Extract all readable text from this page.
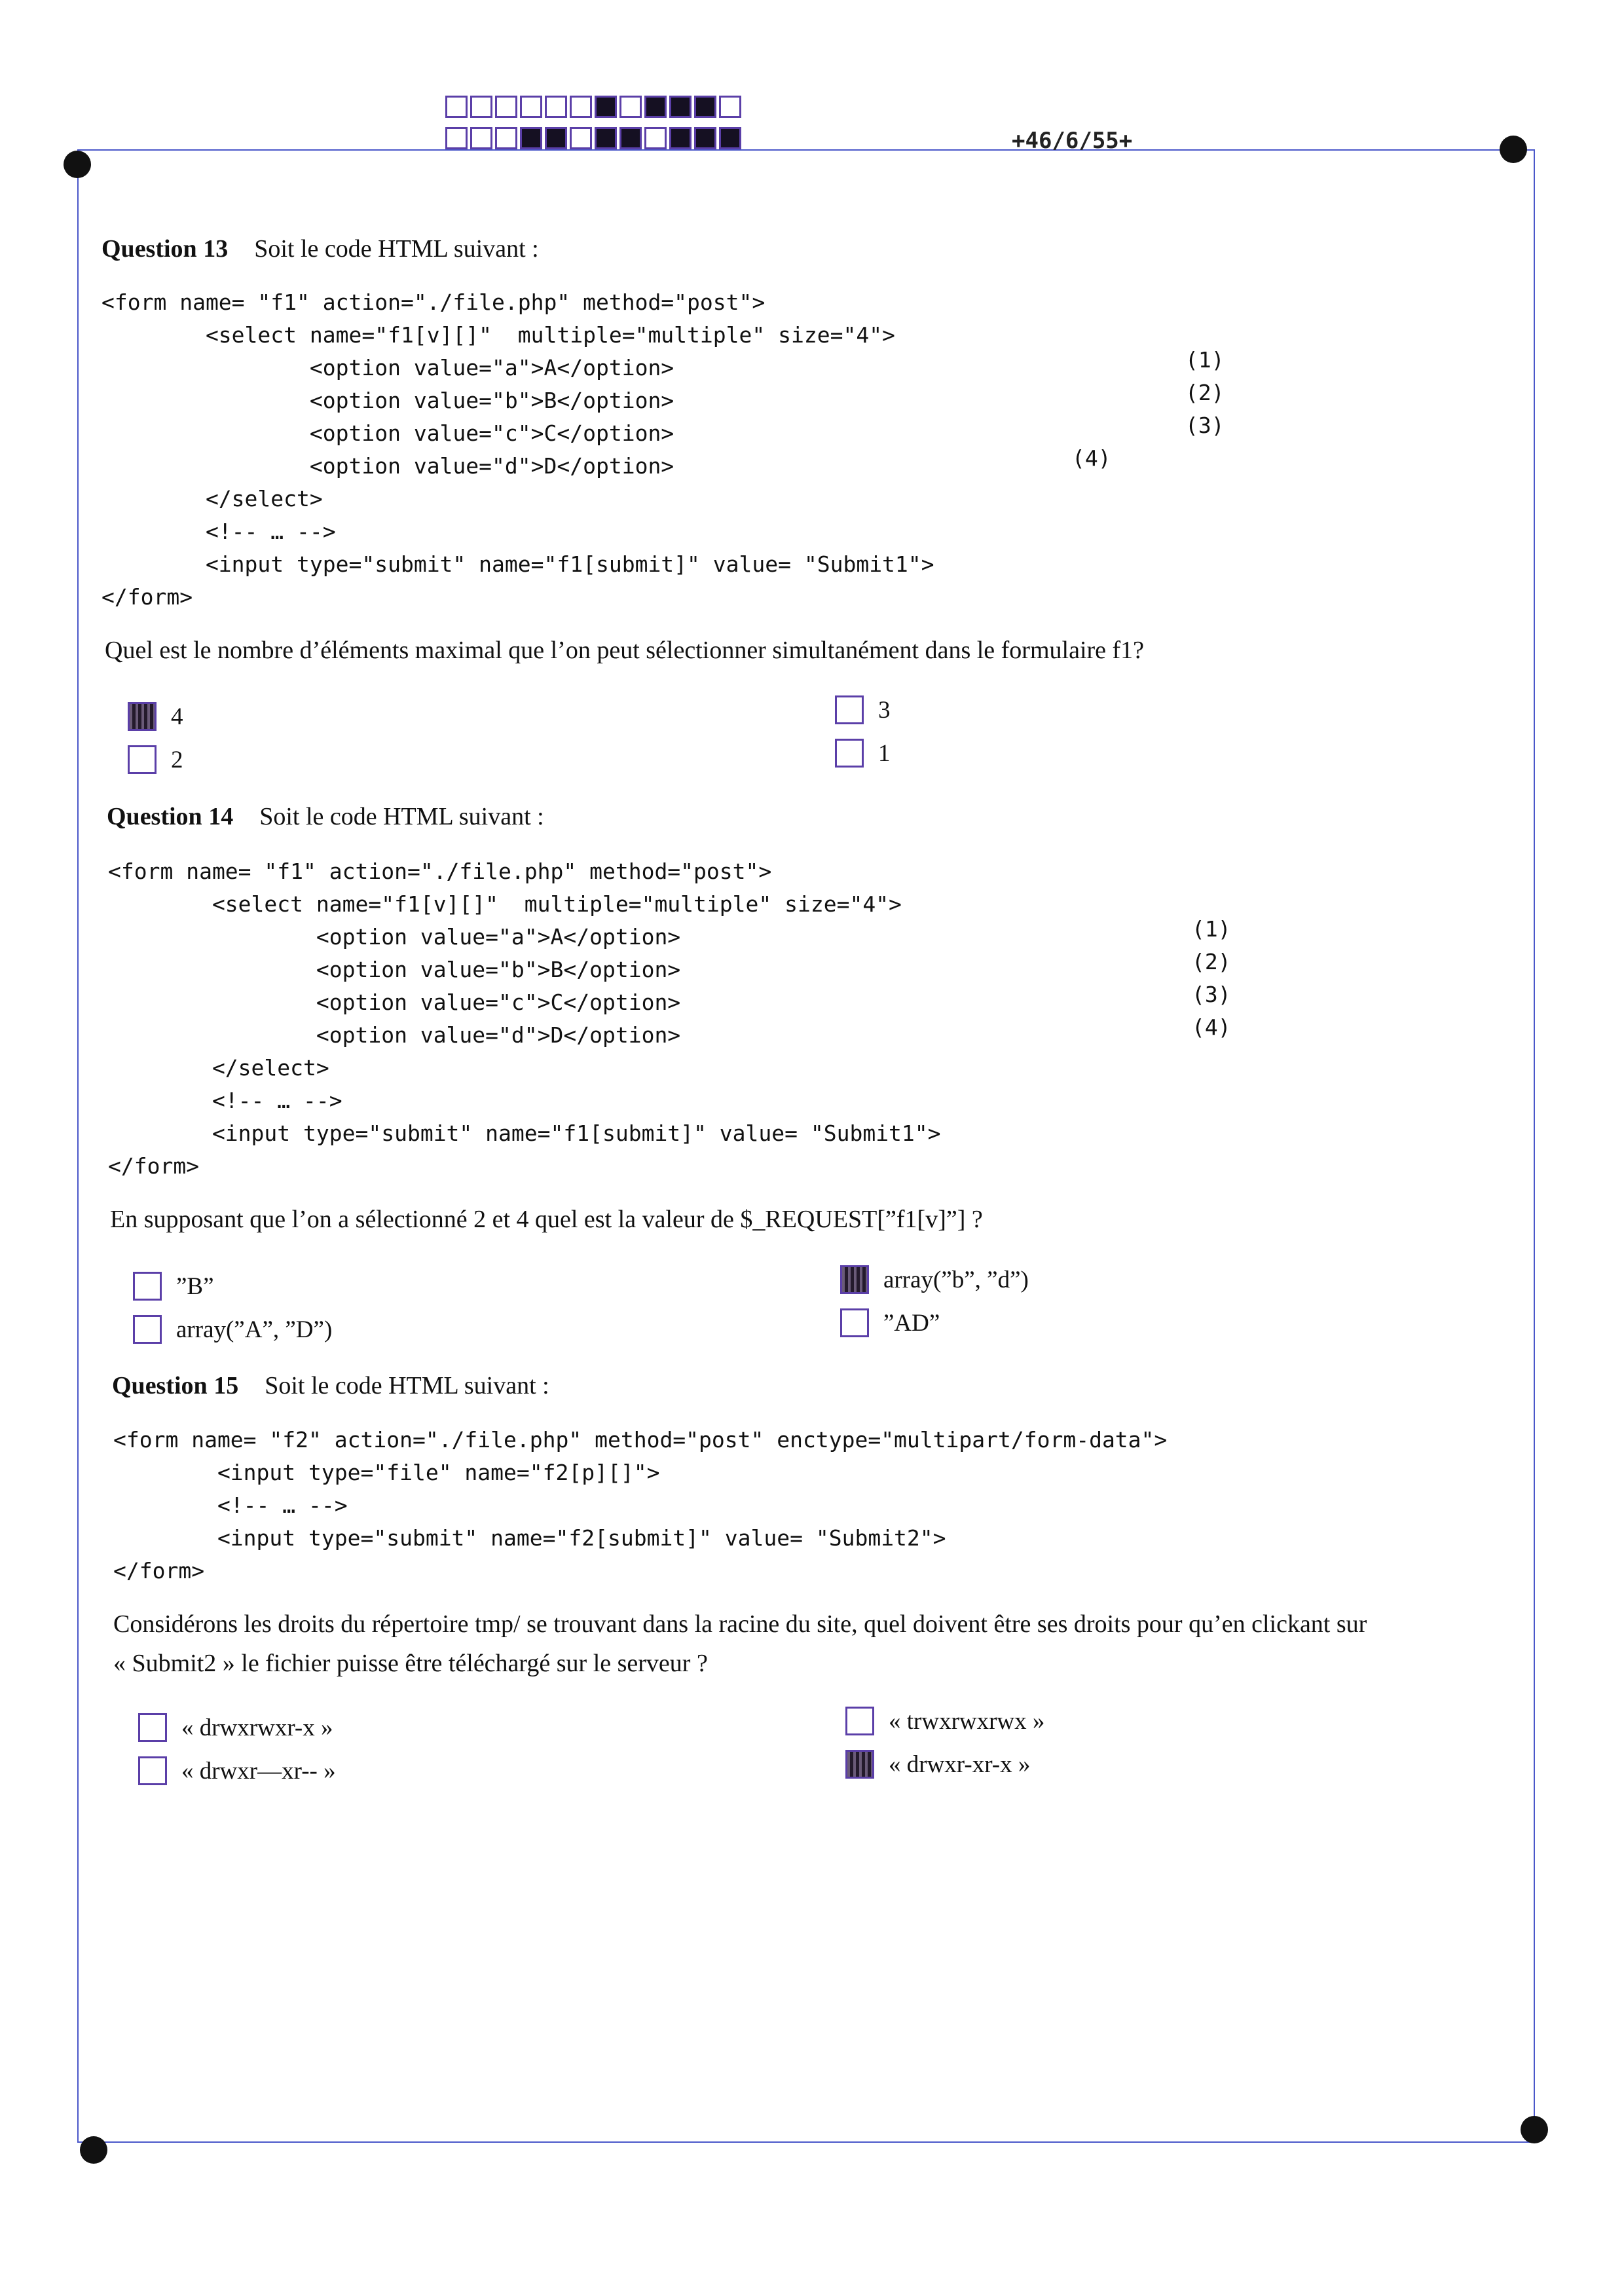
+46/6/55+
Question 13 Soit le code HTML suivant :
<form name= "f1" action="./file.php" method="post">
<select name="f1[v][]"  multiple="multiple" size="4">
<option value="a">A</option>
<option value="b">B</option>
<option value="c">C</option>
<option value="d">D</option>
</select>
<!-- … -->
<input type="submit" name="f1[submit]" value= "Submit1">
</form>
(1)
(2)
(3)
(4)
Quel est le nombre d’éléments maximal que l’on peut sélectionner simultanément dans le formulaire f1?
4	3
2	1
Question 14 Soit le code HTML suivant :
<form name= "f1" action="./file.php" method="post">
<select name="f1[v][]"  multiple="multiple" size="4">
<option value="a">A</option>
<option value="b">B</option>
<option value="c">C</option>
<option value="d">D</option>
</select>
<!-- … -->
<input type="submit" name="f1[submit]" value= "Submit1">
</form>
(1)
(2)
(3)
(4)
En supposant que l’on a sélectionné 2 et 4 quel est la valeur de $_REQUEST[”f1[v]”] ?
”B”	array(”b”, ”d”)
array(”A”, ”D”)	”AD”
Question 15 Soit le code HTML suivant :
<form name= "f2" action="./file.php" method="post" enctype="multipart/form-data">
<input type="file" name="f2[p][]">
<!-- … -->
<input type="submit" name="f2[submit]" value= "Submit2">
</form>
Considérons les droits du répertoire tmp/ se trouvant dans la racine du site, quel doivent être ses droits pour qu’en clickant sur
« Submit2 » le fichier puisse être téléchargé sur le serveur ?
« drwxrwxr-x »	« trwxrwxrwx »
« drwxr—xr-- »	« drwxr-xr-x »
